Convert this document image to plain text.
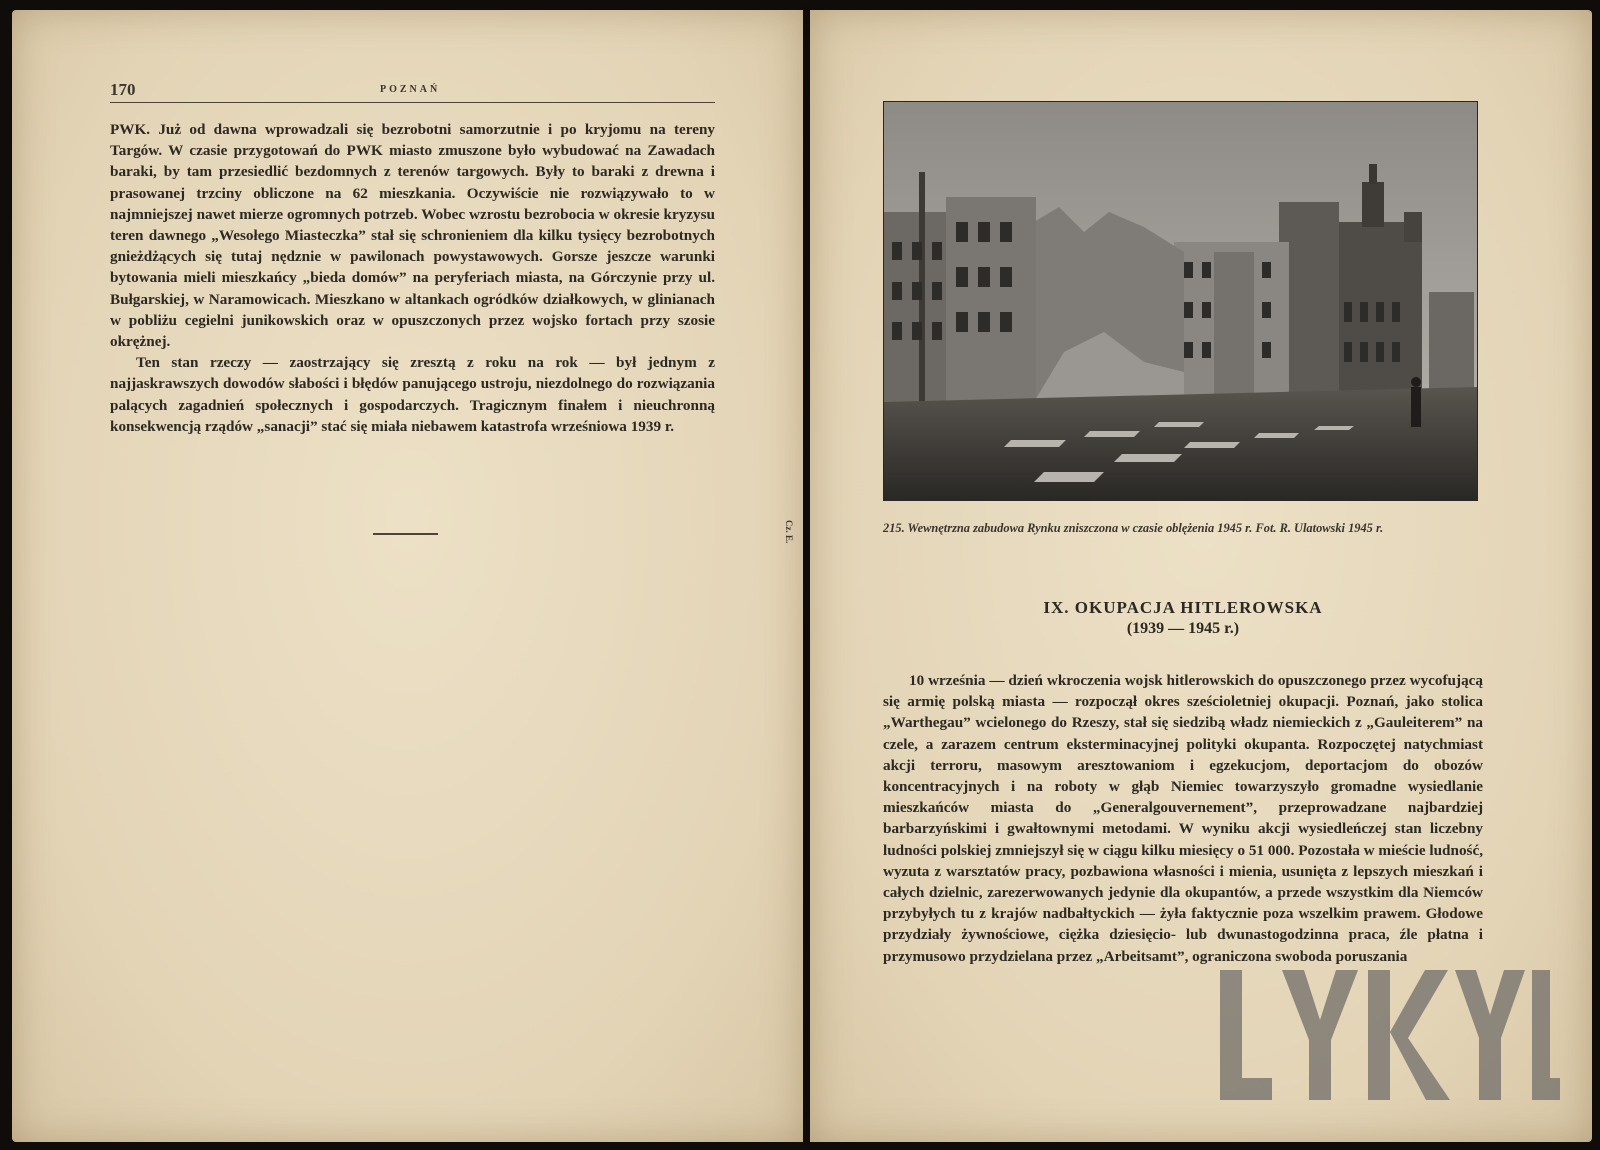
170	POZNAŃ

PWK. Już od dawna wprowadzali się bezrobotni samorzutnie i po kryjomu na tereny Targów. W czasie przygotowań do PWK miasto zmuszone było wybudować na Zawadach baraki, by tam przesiedlić bezdomnych z terenów targowych. Były to baraki z drewna i prasowanej trzciny obliczone na 62 mieszkania. Oczywiście nie rozwiązywało to w najmniejszej nawet mierze ogromnych potrzeb. Wobec wzrostu bezrobocia w okresie kryzysu teren dawnego „Wesołego Miasteczka” stał się schronieniem dla kilku tysięcy bezrobotnych gnieżdżących się tutaj nędznie w pawilonach powystawowych. Gorsze jeszcze warunki bytowania mieli mieszkańcy „bieda domów” na peryferiach miasta, na Górczynie przy ul. Bułgarskiej, w Naramowicach. Mieszkano w altankach ogródków działkowych, w glinianach w pobliżu cegielni junikowskich oraz w opuszczonych przez wojsko fortach przy szosie okrężnej.

Ten stan rzeczy — zaostrzający się zresztą z roku na rok — był jednym z najjaskrawszych dowodów słabości i błędów panującego ustroju, niezdolnego do rozwiązania palących zagadnień społecznych i gospodarczych. Tragicznym finałem i nieuchronną konsekwencją rządów „sanacji” stać się miała niebawem katastrofa wrześniowa 1939 r.

Cz. E.	215. Wewnętrzna zabudowa Rynku zniszczona w czasie oblężenia 1945 r. Fot. R. Ulatowski 1945 r.
IX. OKUPACJA HITLEROWSKA
(1939 — 1945 r.)

10 września — dzień wkroczenia wojsk hitlerowskich do opuszczonego przez wycofującą się armię polską miasta — rozpoczął okres sześcioletniej okupacji. Poznań, jako stolica „Warthegau” wcielonego do Rzeszy, stał się siedzibą władz niemieckich z „Gauleiterem” na czele, a zarazem centrum eksterminacyjnej polityki okupanta. Rozpoczętej natychmiast akcji terroru, masowym aresztowaniom i egzekucjom, deportacjom do obozów koncentracyjnych i na roboty w głąb Niemiec towarzyszyło gromadne wysiedlanie mieszkańców miasta do „Generalgouvernement”, przeprowadzane najbardziej barbarzyńskimi i gwałtownymi metodami. W wyniku akcji wysiedleńczej stan liczebny ludności polskiej zmniejszył się w ciągu kilku miesięcy o 51 000. Pozostała w mieście ludność, wyzuta z warsztatów pracy, pozbawiona własności i mienia, usunięta z lepszych mieszkań i całych dzielnic, zarezerwowanych jedynie dla okupantów, a przede wszystkim dla Niemców przybyłych tu z krajów nadbałtyckich — żyła faktycznie poza wszelkim prawem. Głodowe przydziały żywnościowe, ciężka dziesięcio- lub dwunastogodzinna praca, źle płatna i przymusowo przydzielana przez „Arbeitsamt”, ograniczona swoboda poruszania
